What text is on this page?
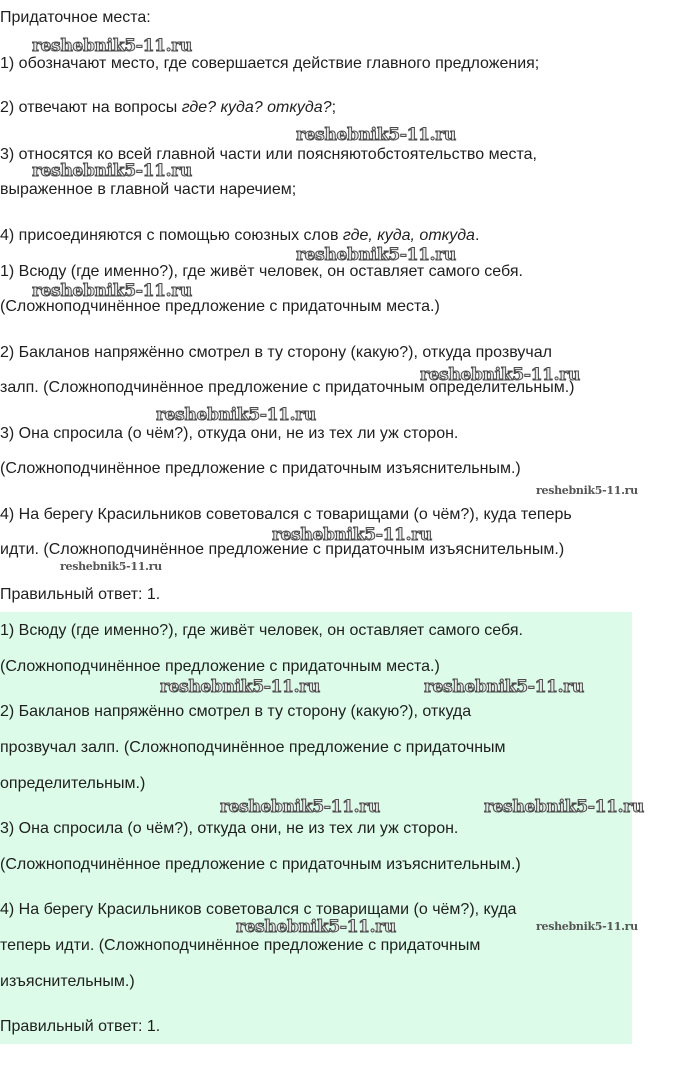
Придаточное места:
1) обозначают место, где совершается действие главного предложения;
2) отвечают на вопросы где? куда? откуда?;
3) относятся ко всей главной части или поясняютобстоятельство места,
выраженное в главной части наречием;
4) присоединяются с помощью союзных слов где, куда, откуда.
1) Всюду (где именно?), где живёт человек, он оставляет самого себя.
(Сложноподчинённое предложение с придаточным места.)
2) Бакланов напряжённо смотрел в ту сторону (какую?), откуда прозвучал
залп. (Сложноподчинённое предложение с придаточным определительным.)
3) Она спросила (о чём?), откуда они, не из тех ли уж сторон.
(Сложноподчинённое предложение с придаточным изъяснительным.)
4) На берегу Красильников советовался с товарищами (о чём?), куда теперь
идти. (Сложноподчинённое предложение с придаточным изъяснительным.)
Правильный ответ: 1.
1) Всюду (где именно?), где живёт человек, он оставляет самого себя.
(Сложноподчинённое предложение с придаточным места.)
2) Бакланов напряжённо смотрел в ту сторону (какую?), откуда
прозвучал залп. (Сложноподчинённое предложение с придаточным
определительным.)
3) Она спросила (о чём?), откуда они, не из тех ли уж сторон.
(Сложноподчинённое предложение с придаточным изъяснительным.)
4) На берегу Красильников советовался с товарищами (о чём?), куда
теперь идти. (Сложноподчинённое предложение с придаточным
изъяснительным.)
Правильный ответ: 1.
reshebnik5-11.ru
reshebnik5-11.ru
reshebnik5-11.ru
reshebnik5-11.ru
reshebnik5-11.ru
reshebnik5-11.ru
reshebnik5-11.ru
reshebnik5-11.ru
reshebnik5-11.ru
reshebnik5-11.ru
reshebnik5-11.ru	reshebnik5-11.ru
reshebnik5-11.ru	reshebnik5-11.ru
reshebnik5-11.ru	reshebnik5-11.ru
